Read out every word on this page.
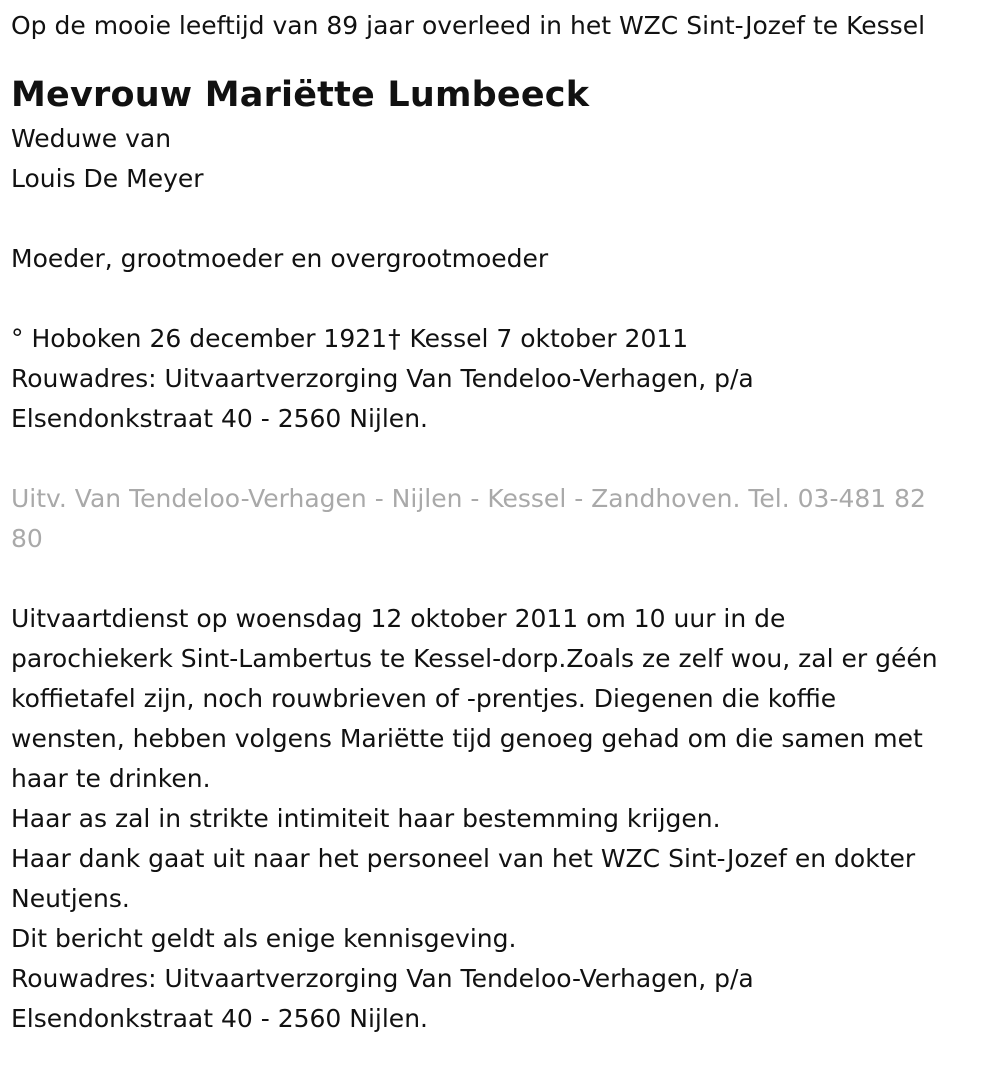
Op de mooie leeftijd van 89 jaar overleed in het WZC Sint-Jozef te Kessel
Mevrouw Mariëtte Lumbeeck
Weduwe van
Louis De Meyer
Moeder, grootmoeder en overgrootmoeder
° Hoboken 26 december 1921† Kessel 7 oktober 2011
Rouwadres: Uitvaartverzorging Van Tendeloo-Verhagen, p/a
Elsendonkstraat 40 - 2560 Nijlen.
Uitv. Van Tendeloo-Verhagen - Nijlen - Kessel - Zandhoven. Tel. 03-481 82
80
Uitvaartdienst op woensdag 12 oktober 2011 om 10 uur in de
parochiekerk Sint-Lambertus te Kessel-dorp.Zoals ze zelf wou, zal er géén
koffietafel zijn, noch rouwbrieven of -prentjes. Diegenen die koffie
wensten, hebben volgens Mariëtte tijd genoeg gehad om die samen met
haar te drinken.
Haar as zal in strikte intimiteit haar bestemming krijgen.
Haar dank gaat uit naar het personeel van het WZC Sint-Jozef en dokter
Neutjens.
Dit bericht geldt als enige kennisgeving.
Rouwadres: Uitvaartverzorging Van Tendeloo-Verhagen, p/a
Elsendonkstraat 40 - 2560 Nijlen.
